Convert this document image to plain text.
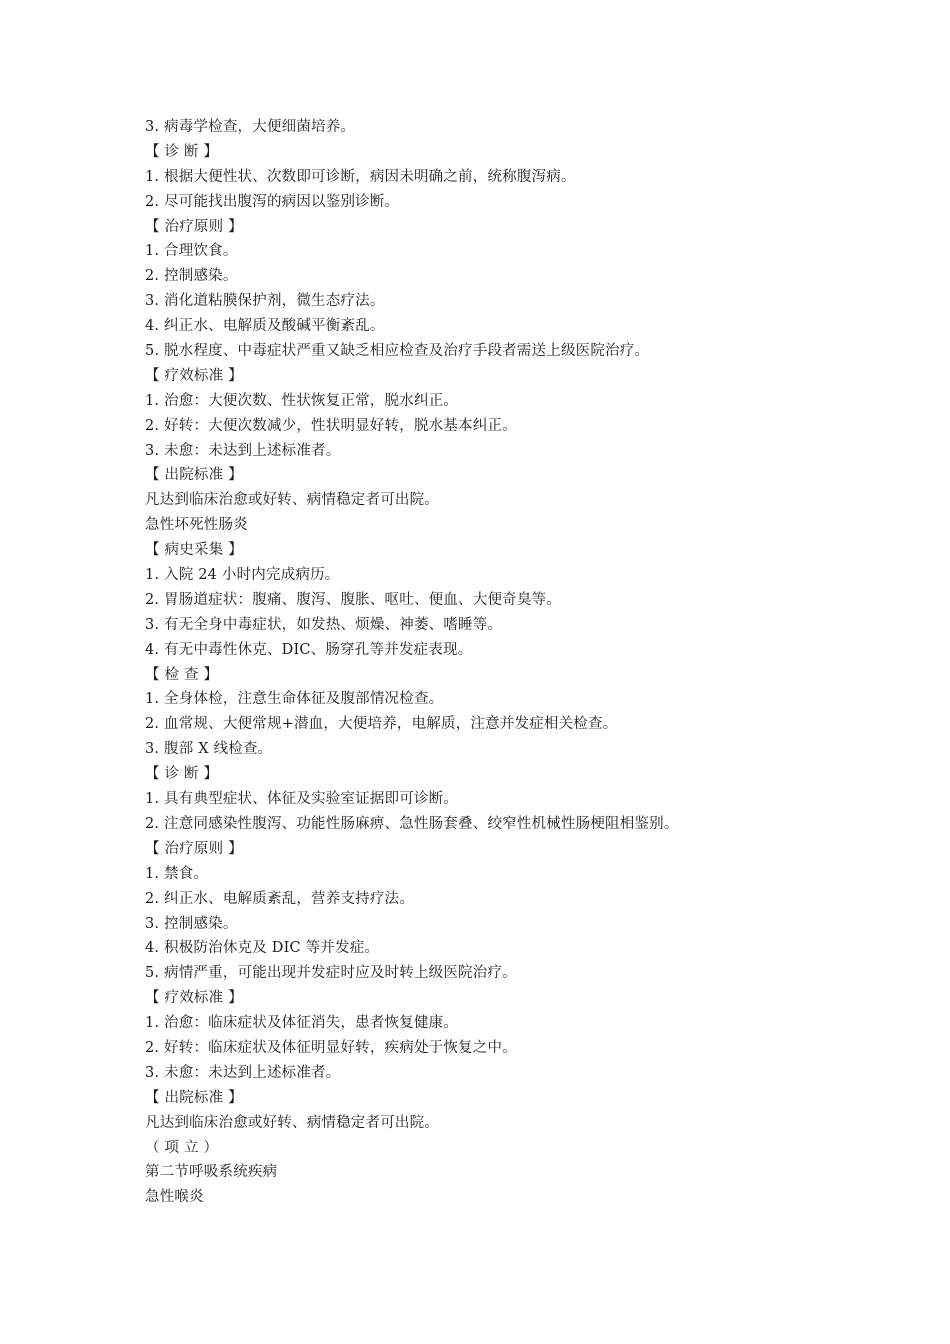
3. 病毒学检查，大便细菌培养。
【 诊 断 】
1. 根据大便性状、次数即可诊断，病因未明确之前，统称腹泻病。
2. 尽可能找出腹泻的病因以鉴别诊断。
【 治疗原则 】
1. 合理饮食。
2. 控制感染。
3. 消化道粘膜保护剂，微生态疗法。
4. 纠正水、电解质及酸碱平衡紊乱。
5. 脱水程度、中毒症状严重又缺乏相应检查及治疗手段者需送上级医院治疗。
【 疗效标准 】
1. 治愈：大便次数、性状恢复正常，脱水纠正。
2. 好转：大便次数减少，性状明显好转，脱水基本纠正。
3. 未愈：未达到上述标准者。
【 出院标准 】
凡达到临床治愈或好转、病情稳定者可出院。
急性坏死性肠炎
【 病史采集 】
1. 入院 24 小时内完成病历。
2. 胃肠道症状：腹痛、腹泻、腹胀、呕吐、便血、大便奇臭等。
3. 有无全身中毒症状，如发热、烦燥、神萎、嗜睡等。
4. 有无中毒性休克、DIC、肠穿孔等并发症表现。
【 检 查 】
1. 全身体检，注意生命体征及腹部情况检查。
2. 血常规、大便常规+潜血，大便培养，电解质，注意并发症相关检查。
3. 腹部 X 线检查。
【 诊 断 】
1. 具有典型症状、体征及实验室证据即可诊断。
2. 注意同感染性腹泻、功能性肠麻痹、急性肠套叠、绞窄性机械性肠梗阻相鉴别。
【 治疗原则 】
1. 禁食。
2. 纠正水、电解质紊乱，营养支持疗法。
3. 控制感染。
4. 积极防治休克及 DIC 等并发症。
5. 病情严重，可能出现并发症时应及时转上级医院治疗。
【 疗效标准 】
1. 治愈：临床症状及体征消失，患者恢复健康。
2. 好转：临床症状及体征明显好转，疾病处于恢复之中。
3. 未愈：未达到上述标准者。
【 出院标准 】
凡达到临床治愈或好转、病情稳定者可出院。
（ 项 立 ）
第二节呼吸系统疾病
急性喉炎
